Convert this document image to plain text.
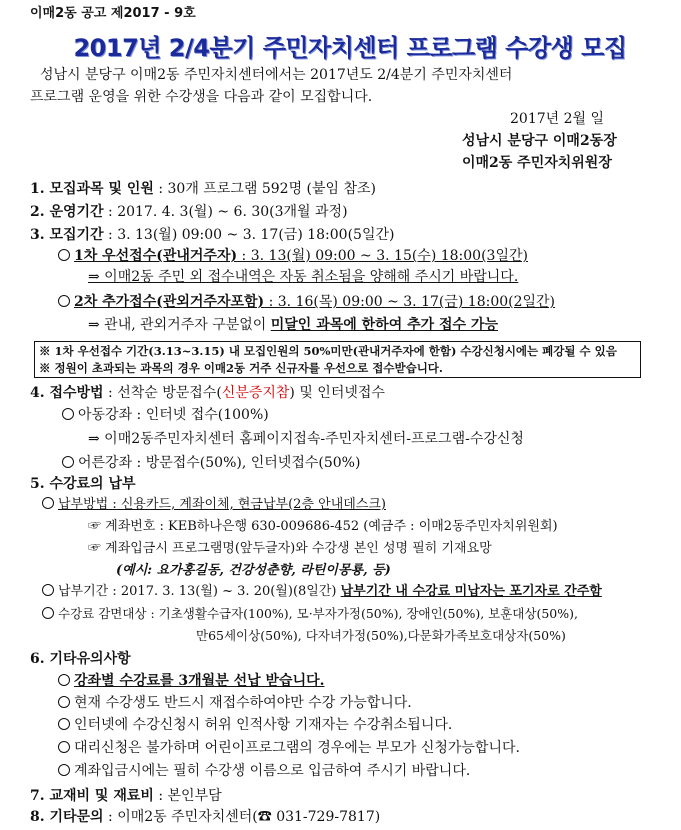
이매2동 공고 제2017 - 9호
2017년 2/4분기 주민자치센터 프로그램 수강생 모집
성남시 분당구 이매2동 주민자치센터에서는 2017년도 2/4분기 주민자치센터
프로그램 운영을 위한 수강생을 다음과 같이 모집합니다.
2017년 2월 일
성남시 분당구 이매2동장
이매2동 주민자치위원장
1. 모집과목 및 인원 : 30개 프로그램 592명 (붙임 참조)
2. 운영기간 : 2017. 4. 3(월) ~ 6. 30(3개월 과정)
3. 모집기간 : 3. 13(월) 09:00 ~ 3. 17(금) 18:00(5일간)
1차 우선접수(관내거주자) : 3. 13(월) 09:00 ~ 3. 15(수) 18:00(3일간)
⇒ 이매2동 주민 외 접수내역은 자동 취소됨을 양해해 주시기 바랍니다.
2차 추가접수(관외거주자포함) : 3. 16(목) 09:00 ~ 3. 17(금) 18:00(2일간)
⇒ 관내, 관외거주자 구분없이 미달인 과목에 한하여 추가 접수 가능
※ 1차 우선접수 기간(3.13~3.15) 내 모집인원의 50%미만(관내거주자에 한함) 수강신청시에는 폐강될 수 있음
※ 정원이 초과되는 과목의 경우 이매2동 거주 신규자를 우선으로 접수받습니다.
4. 접수방법 : 선착순 방문접수(신분증지참) 및 인터넷접수
아동강좌 : 인터넷 접수(100%)
⇒ 이매2동주민자치센터 홈페이지접속-주민자치센터-프로그램-수강신청
어른강좌 : 방문접수(50%), 인터넷접수(50%)
5. 수강료의 납부
납부방법 : 신용카드, 계좌이체, 현금납부(2층 안내데스크)
☞ 계좌번호 : KEB하나은행 630-009686-452 (예금주 : 이매2동주민자치위원회)
☞ 계좌입금시 프로그램명(앞두글자)와 수강생 본인 성명 필히 기재요망
(예시: 요가홍길동, 건강성춘향, 라틴이몽룡, 등)
납부기간 : 2017. 3. 13(월) ~ 3. 20(월)(8일간) 납부기간 내 수강료 미납자는 포기자로 간주함
수강료 감면대상 : 기초생활수급자(100%), 모·부자가정(50%), 장애인(50%), 보훈대상(50%),
만65세이상(50%), 다자녀가정(50%),다문화가족보호대상자(50%)
6. 기타유의사항
강좌별 수강료를 3개월분 선납 받습니다.
현재 수강생도 반드시 재접수하여야만 수강 가능합니다.
인터넷에 수강신청시 허위 인적사항 기재자는 수강취소됩니다.
대리신청은 불가하며 어린이프로그램의 경우에는 부모가 신청가능합니다.
계좌입금시에는 필히 수강생 이름으로 입금하여 주시기 바랍니다.
7. 교재비 및 재료비 : 본인부담
8. 기타문의 : 이매2동 주민자치센터(☎ 031-729-7817)
